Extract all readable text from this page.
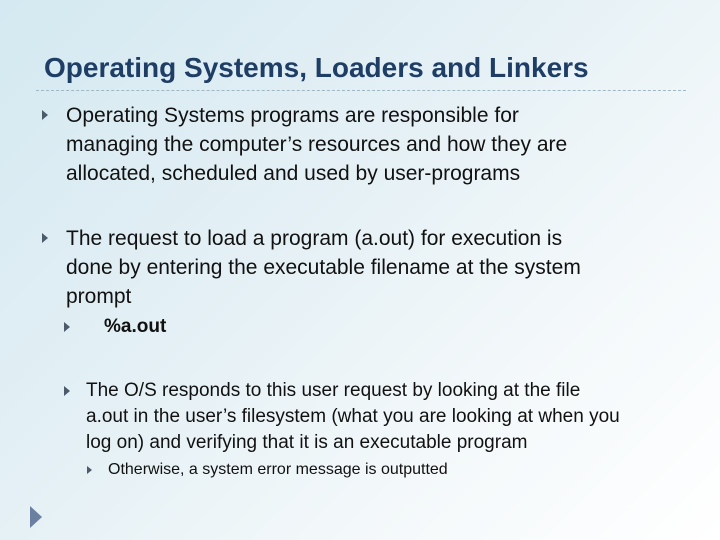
Operating Systems, Loaders and Linkers
Operating Systems programs are responsible for
managing the computer’s resources and how they are
allocated, scheduled and used by user-programs
The request to load a program (a.out) for execution is
done by entering the executable filename at the system
prompt
%a.out
The O/S responds to this user request by looking at the file
a.out in the user’s filesystem (what you are looking at when you
log on) and verifying that it is an executable program
Otherwise, a system error message is outputted
